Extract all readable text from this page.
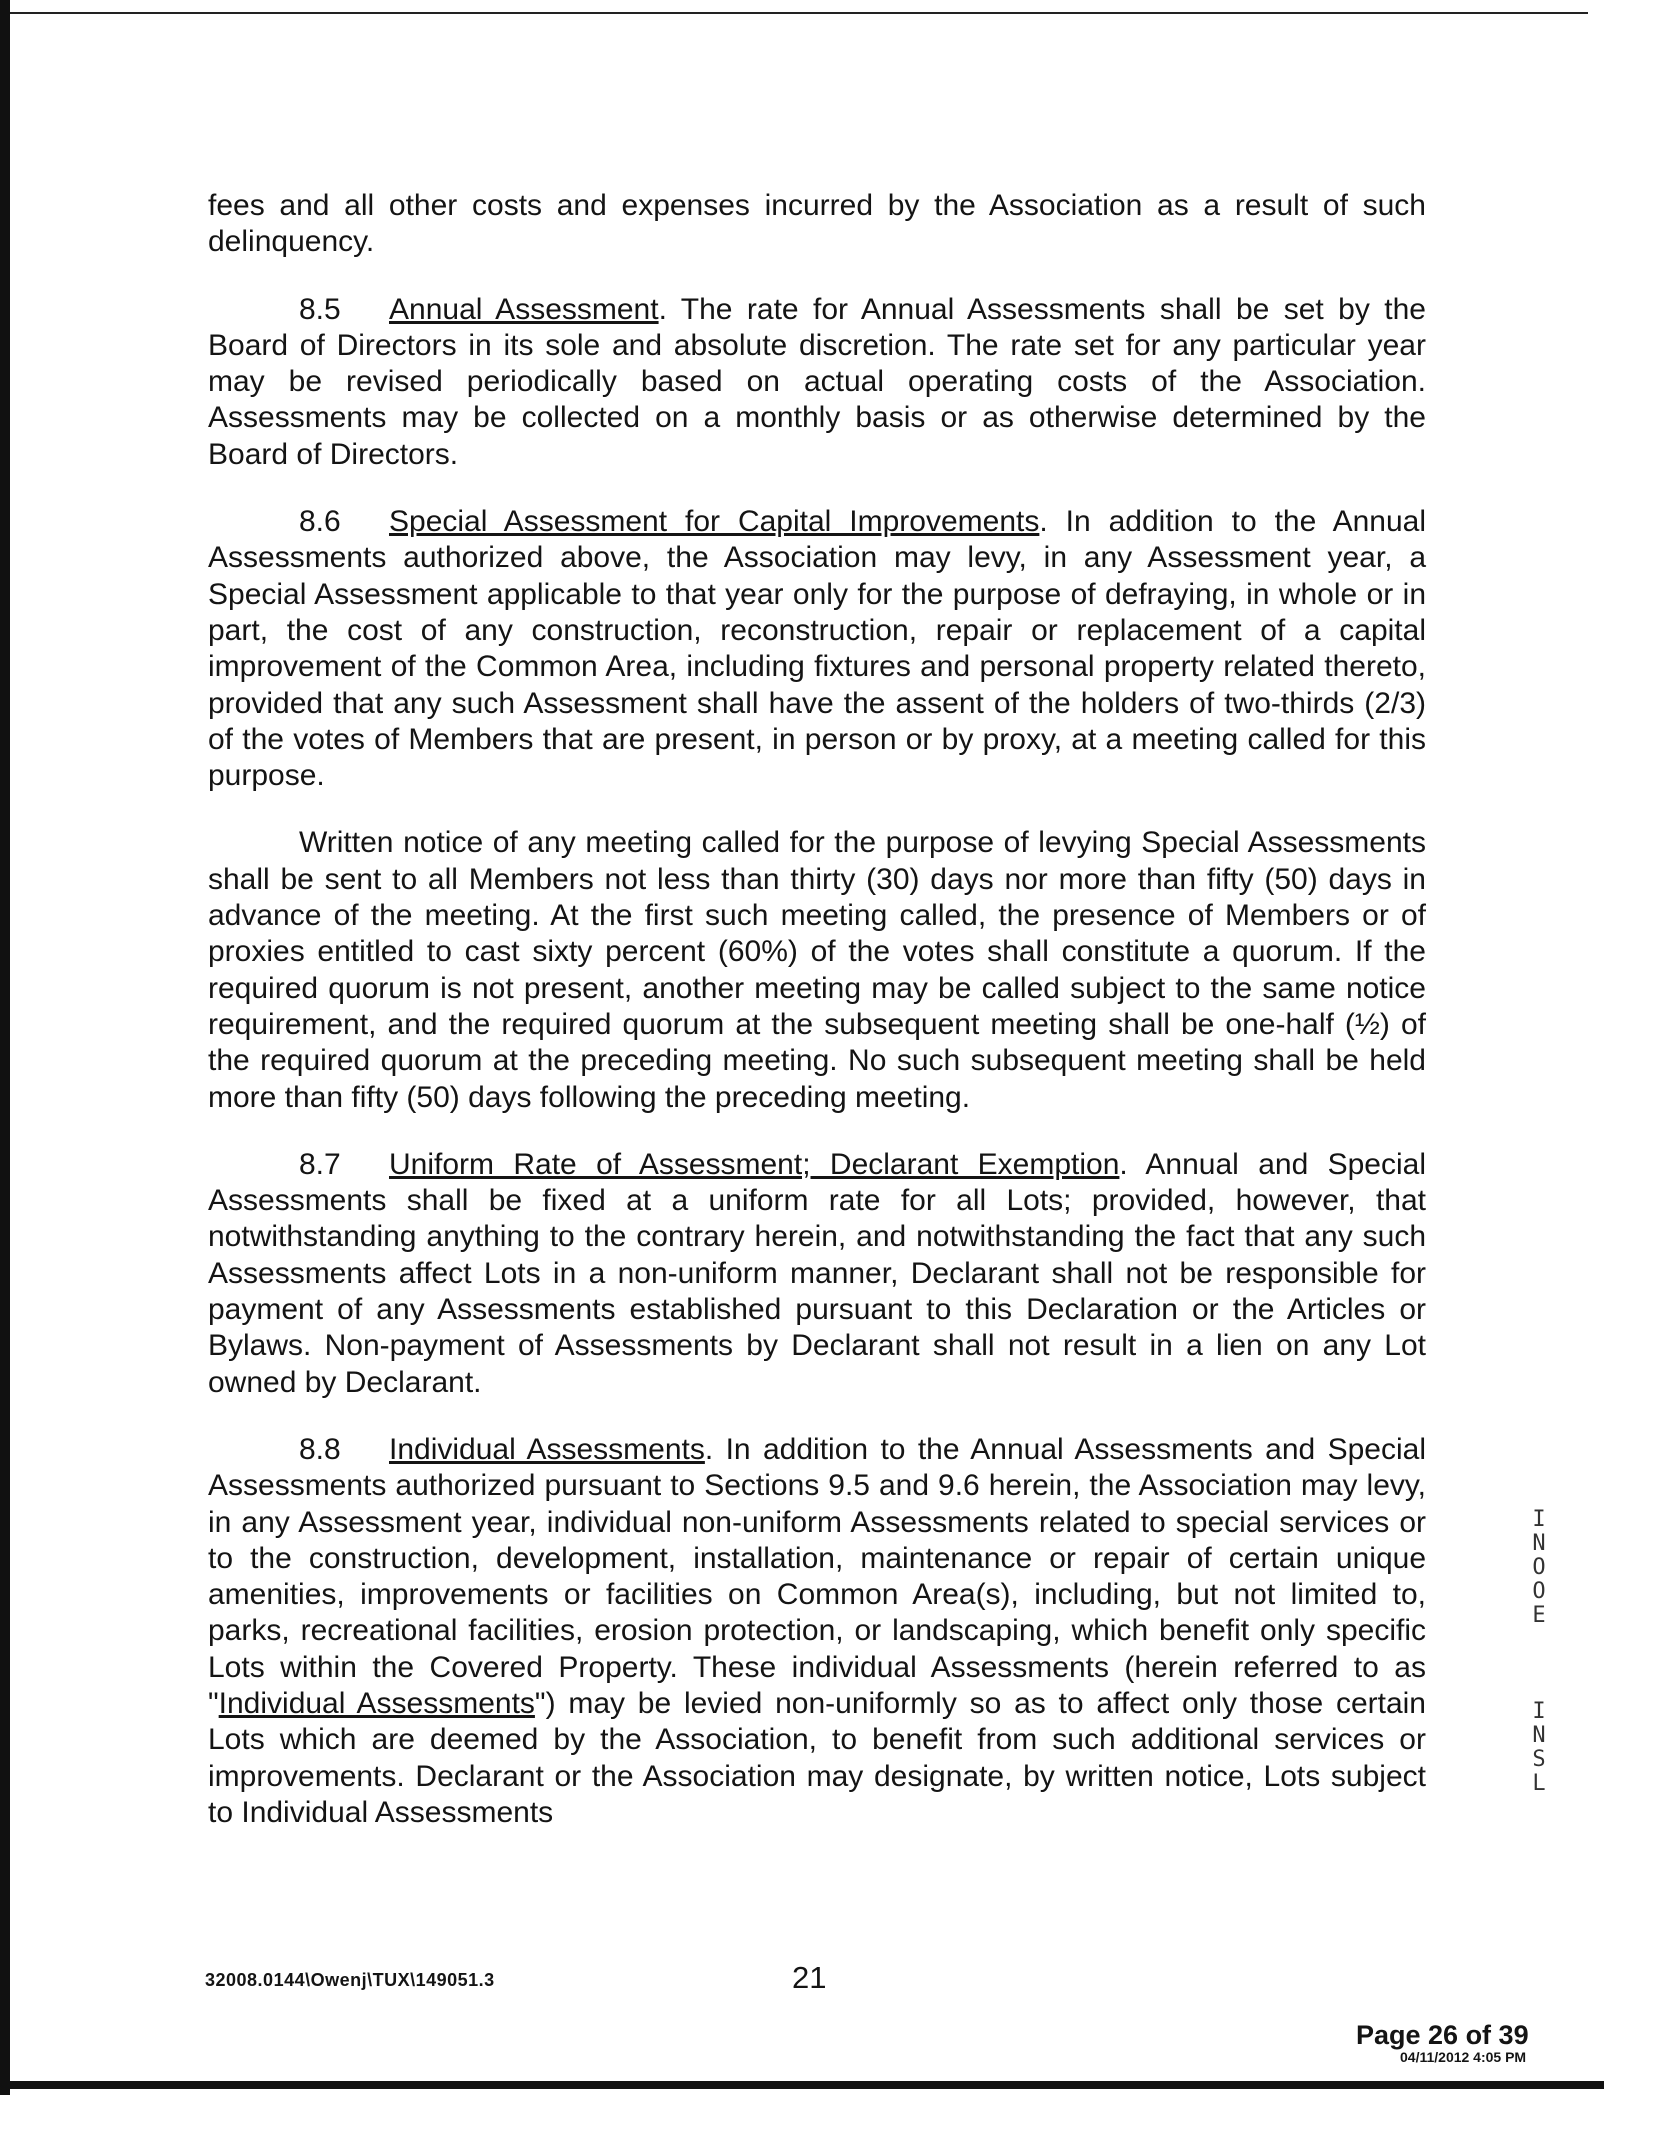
fees and all other costs and expenses incurred by the Association as a result of such delinquency.

8.5 Annual Assessment. The rate for Annual Assessments shall be set by the Board of Directors in its sole and absolute discretion. The rate set for any particular year may be revised periodically based on actual operating costs of the Association. Assessments may be collected on a monthly basis or as otherwise determined by the Board of Directors.

8.6 Special Assessment for Capital Improvements. In addition to the Annual Assessments authorized above, the Association may levy, in any Assessment year, a Special Assessment applicable to that year only for the purpose of defraying, in whole or in part, the cost of any construction, reconstruction, repair or replacement of a capital improvement of the Common Area, including fixtures and personal property related thereto, provided that any such Assessment shall have the assent of the holders of two-thirds (2/3) of the votes of Members that are present, in person or by proxy, at a meeting called for this purpose.

Written notice of any meeting called for the purpose of levying Special Assessments shall be sent to all Members not less than thirty (30) days nor more than fifty (50) days in advance of the meeting. At the first such meeting called, the presence of Members or of proxies entitled to cast sixty percent (60%) of the votes shall constitute a quorum. If the required quorum is not present, another meeting may be called subject to the same notice requirement, and the required quorum at the subsequent meeting shall be one-half (½) of the required quorum at the preceding meeting. No such subsequent meeting shall be held more than fifty (50) days following the preceding meeting.

8.7 Uniform Rate of Assessment; Declarant Exemption. Annual and Special Assessments shall be fixed at a uniform rate for all Lots; provided, however, that notwithstanding anything to the contrary herein, and notwithstanding the fact that any such Assessments affect Lots in a non-uniform manner, Declarant shall not be responsible for payment of any Assessments established pursuant to this Declaration or the Articles or Bylaws. Non-payment of Assessments by Declarant shall not result in a lien on any Lot owned by Declarant.

8.8 Individual Assessments. In addition to the Annual Assessments and Special Assessments authorized pursuant to Sections 9.5 and 9.6 herein, the Association may levy, in any Assessment year, individual non-uniform Assessments related to special services or to the construction, development, installation, maintenance or repair of certain unique amenities, improvements or facilities on Common Area(s), including, but not limited to, parks, recreational facilities, erosion protection, or landscaping, which benefit only specific Lots within the Covered Property. These individual Assessments (herein referred to as "Individual Assessments") may be levied non-uniformly so as to affect only those certain Lots which are deemed by the Association, to benefit from such additional services or improvements. Declarant or the Association may designate, by written notice, Lots subject to Individual Assessments

I
N
O
O
E
I
N
S
L
32008.0144\Owenj\TUX\149051.3	21
Page 26 of 39
04/11/2012 4:05 PM
